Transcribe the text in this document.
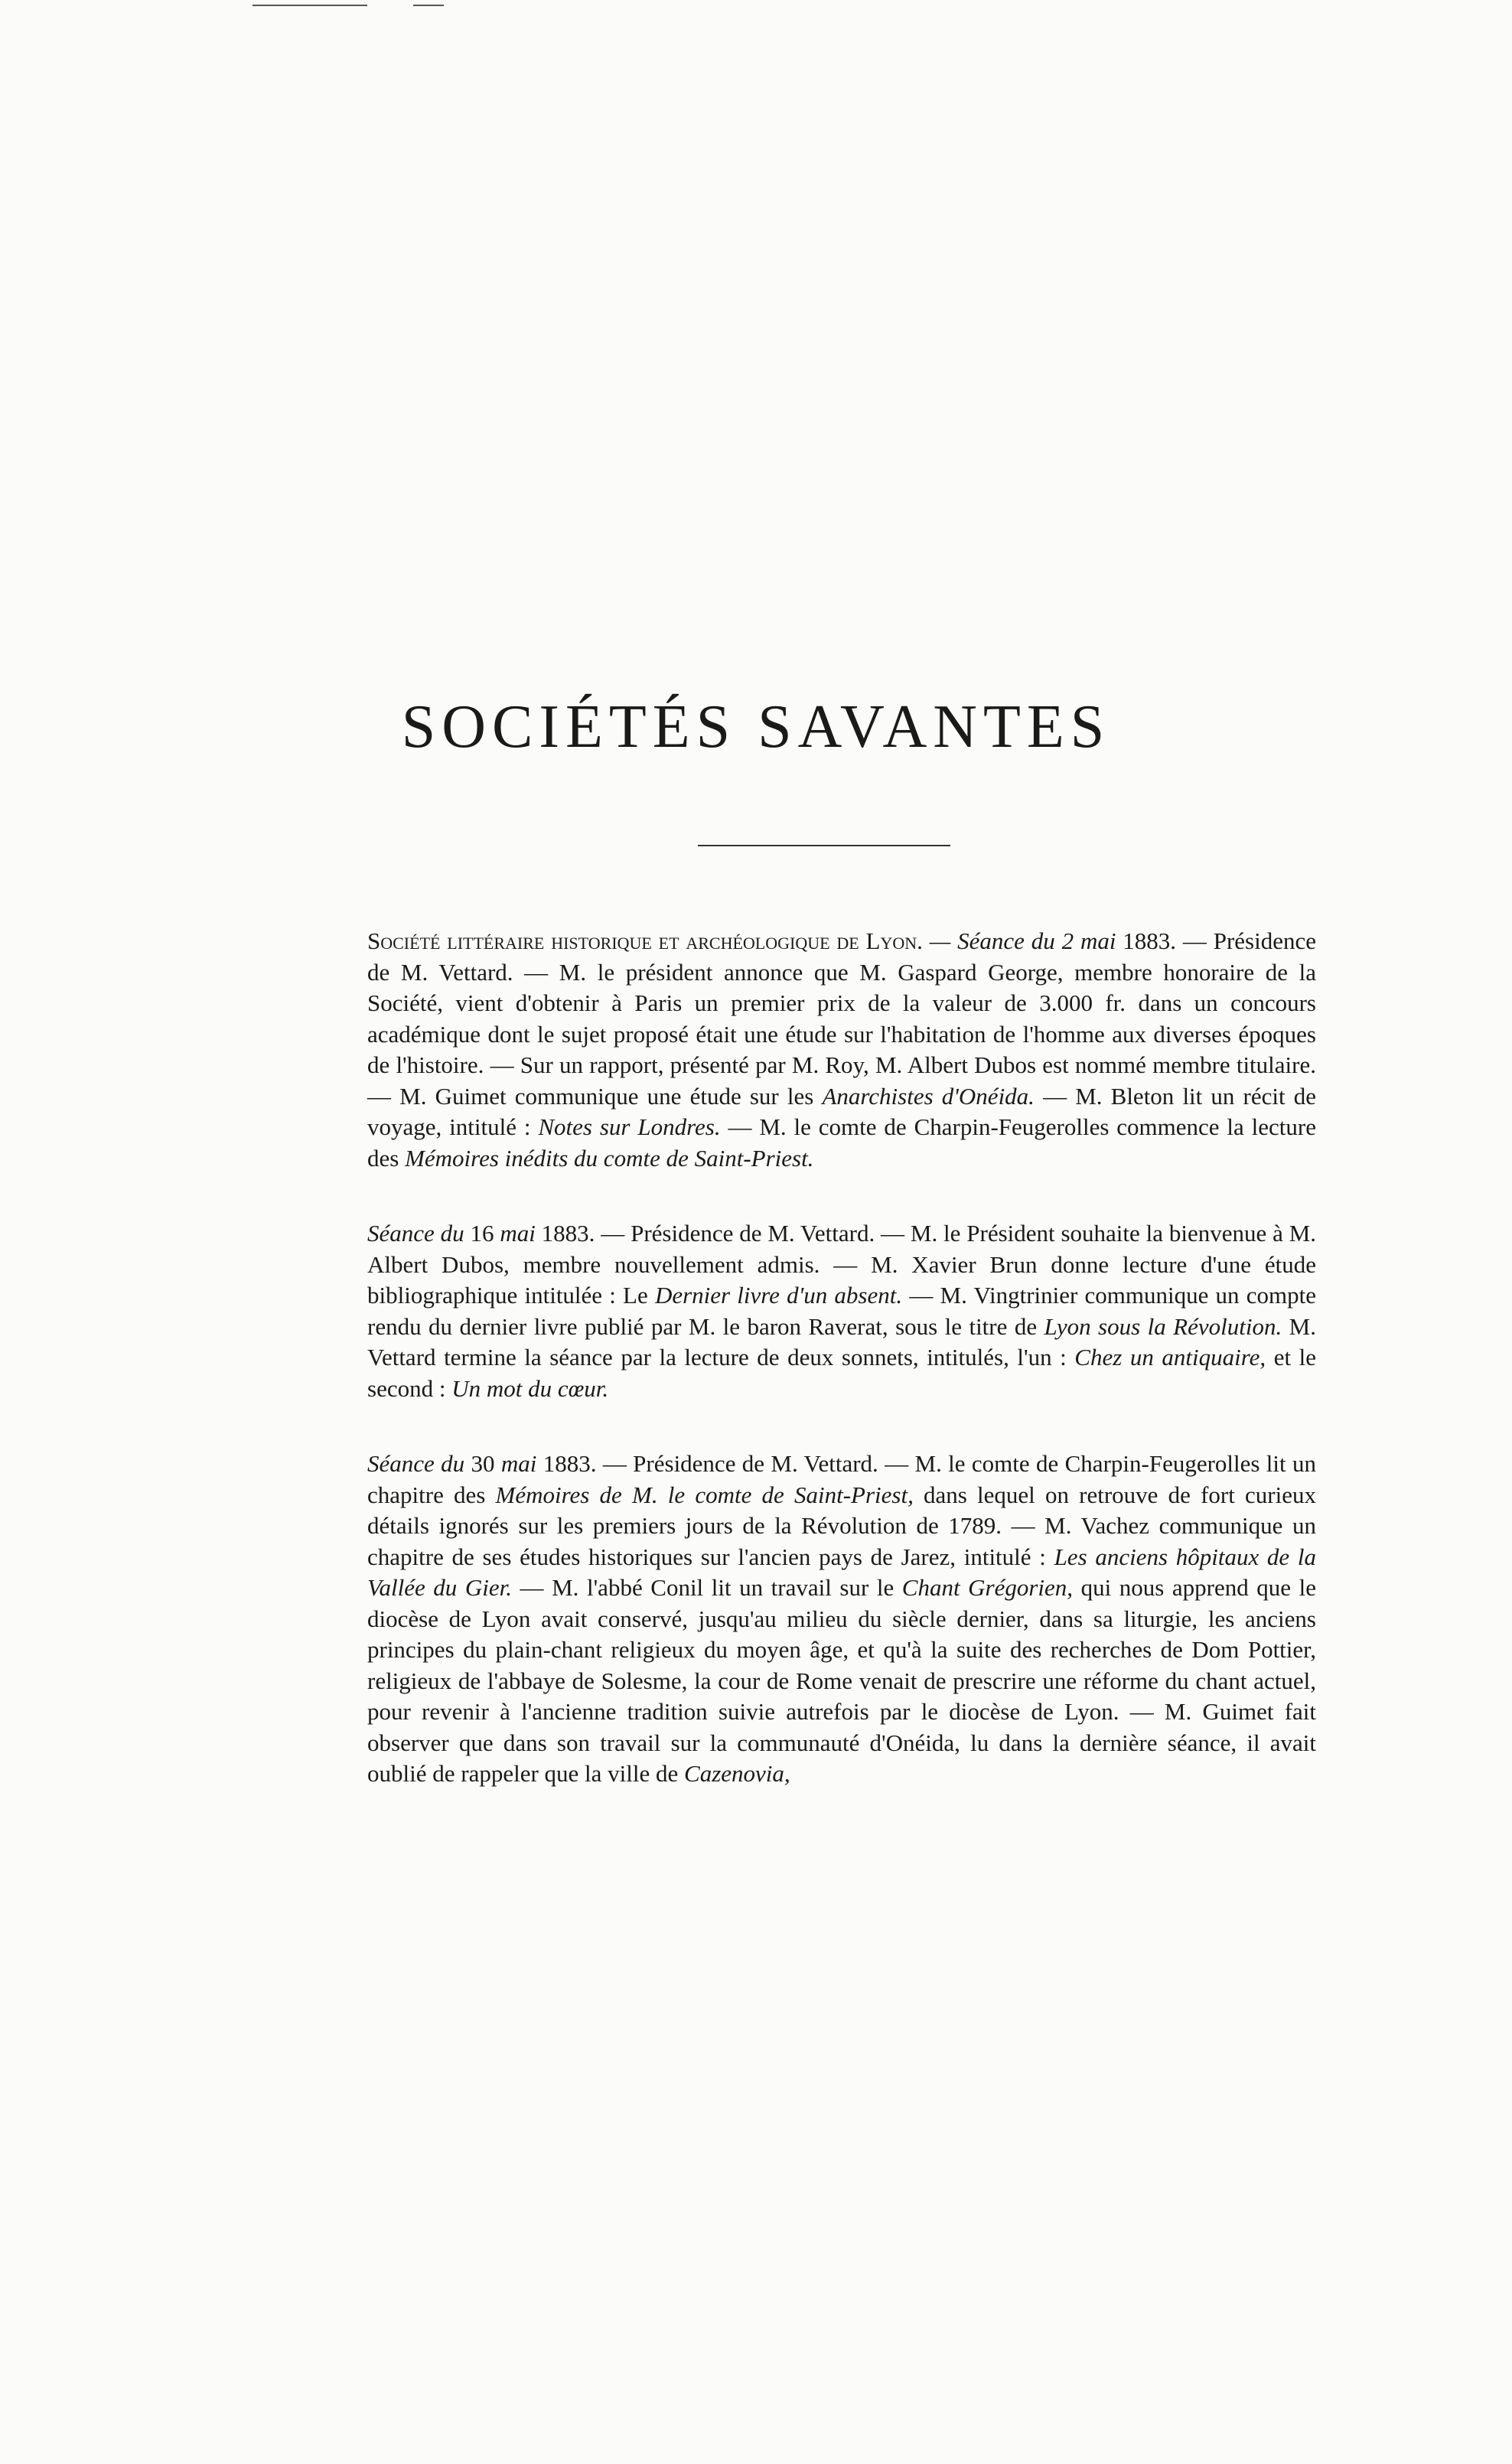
SOCIÉTÉS SAVANTES

Société littéraire historique et archéologique de Lyon. — Séance du 2 mai 1883. — Présidence de M. Vettard. — M. le président annonce que M. Gaspard George, membre honoraire de la Société, vient d'obtenir à Paris un premier prix de la valeur de 3.000 fr. dans un concours académique dont le sujet proposé était une étude sur l'habitation de l'homme aux diverses époques de l'histoire. — Sur un rapport, présenté par M. Roy, M. Albert Dubos est nommé membre titulaire. — M. Guimet communique une étude sur les Anarchistes d'Onéida. — M. Bleton lit un récit de voyage, intitulé : Notes sur Londres. — M. le comte de Charpin-Feugerolles commence la lecture des Mémoires inédits du comte de Saint-Priest.

Séance du 16 mai 1883. — Présidence de M. Vettard. — M. le Président souhaite la bienvenue à M. Albert Dubos, membre nouvellement admis. — M. Xavier Brun donne lecture d'une étude bibliographique intitulée : Le Dernier livre d'un absent. — M. Vingtrinier communique un compte rendu du dernier livre publié par M. le baron Raverat, sous le titre de Lyon sous la Révolution. M. Vettard termine la séance par la lecture de deux sonnets, intitulés, l'un : Chez un antiquaire, et le second : Un mot du cœur.

Séance du 30 mai 1883. — Présidence de M. Vettard. — M. le comte de Charpin-Feugerolles lit un chapitre des Mémoires de M. le comte de Saint-Priest, dans lequel on retrouve de fort curieux détails ignorés sur les premiers jours de la Révolution de 1789. — M. Vachez communique un chapitre de ses études historiques sur l'ancien pays de Jarez, intitulé : Les anciens hôpitaux de la Vallée du Gier. — M. l'abbé Conil lit un travail sur le Chant Grégorien, qui nous apprend que le diocèse de Lyon avait conservé, jusqu'au milieu du siècle dernier, dans sa liturgie, les anciens principes du plain-chant religieux du moyen âge, et qu'à la suite des recherches de Dom Pottier, religieux de l'abbaye de Solesme, la cour de Rome venait de prescrire une réforme du chant actuel, pour revenir à l'ancienne tradition suivie autrefois par le diocèse de Lyon. — M. Guimet fait observer que dans son travail sur la communauté d'Onéida, lu dans la dernière séance, il avait oublié de rappeler que la ville de Cazenovia,
